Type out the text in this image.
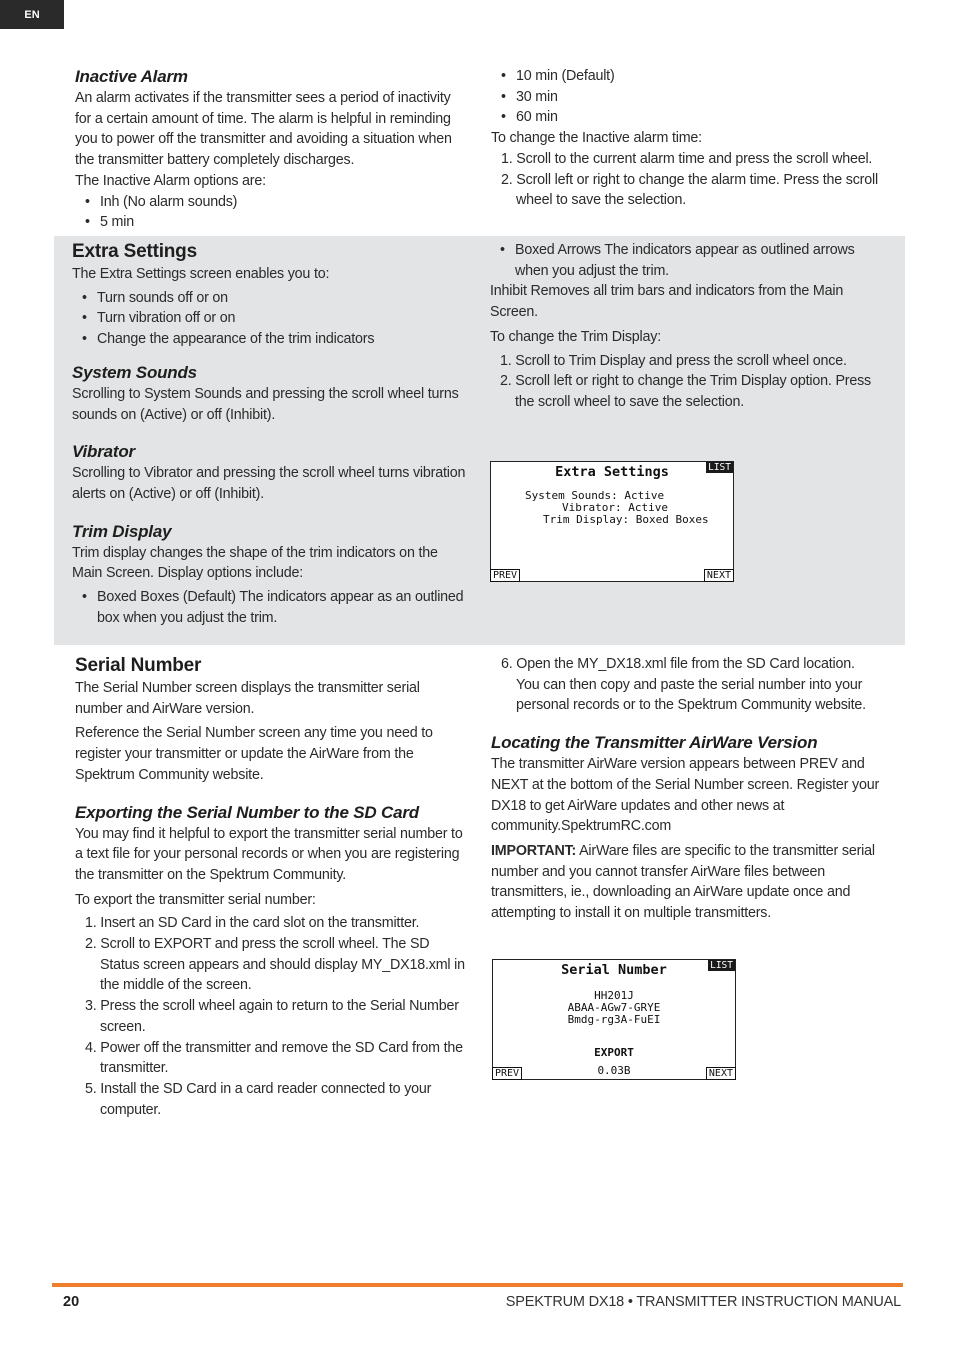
EN
Inactive Alarm

An alarm activates if the transmitter sees a period of inactivity for a certain amount of time. The alarm is helpful in reminding you to power off the transmitter and avoiding a situation when the transmitter battery completely discharges.

The Inactive Alarm options are:

• Inh (No alarm sounds)
• 5 min
• 10 min (Default)
• 30 min
• 60 min

To change the Inactive alarm time:

1. Scroll to the current alarm time and press the scroll wheel.
2. Scroll left or right to change the alarm time. Press the scroll wheel to save the selection.
Extra Settings

The Extra Settings screen enables you to:

• Turn sounds off or on
• Turn vibration off or on
• Change the appearance of the trim indicators
System Sounds

Scrolling to System Sounds and pressing the scroll wheel turns sounds on (Active) or off (Inhibit).

Vibrator

Scrolling to Vibrator and pressing the scroll wheel turns vibration alerts on (Active) or off (Inhibit).

Trim Display

Trim display changes the shape of the trim indicators on the Main Screen. Display options include:

• Boxed Boxes (Default) The indicators appear as an outlined box when you adjust the trim.
• Boxed Arrows The indicators appear as outlined arrows when you adjust the trim.

Inhibit Removes all trim bars and indicators from the Main Screen.

To change the Trim Display:

1. Scroll to Trim Display and press the scroll wheel once.
2. Scroll left or right to change the Trim Display option. Press the scroll wheel to save the selection.
Extra Settings	LIST
System Sounds: Active
Vibrator: Active
Trim Display: Boxed Boxes
PREV	NEXT
Serial Number

The Serial Number screen displays the transmitter serial number and AirWare version.

Reference the Serial Number screen any time you need to register your transmitter or update the AirWare from the Spektrum Community website.

Exporting the Serial Number to the SD Card

You may find it helpful to export the transmitter serial number to a text file for your personal records or when you are registering the transmitter on the Spektrum Community.

To export the transmitter serial number:

1. Insert an SD Card in the card slot on the transmitter.
2. Scroll to EXPORT and press the scroll wheel. The SD Status screen appears and should display MY_DX18.xml in the middle of the screen.
3. Press the scroll wheel again to return to the Serial Number screen.
4. Power off the transmitter and remove the SD Card from the transmitter.
5. Install the SD Card in a card reader connected to your computer.
6. Open the MY_DX18.xml file from the SD Card location. You can then copy and paste the serial number into your personal records or to the Spektrum Community website.
Locating the Transmitter AirWare Version

The transmitter AirWare version appears between PREV and NEXT at the bottom of the Serial Number screen. Register your DX18 to get AirWare updates and other news at community.SpektrumRC.com

IMPORTANT: AirWare files are specific to the transmitter serial number and you cannot transfer AirWare files between transmitters, ie., downloading an AirWare update once and attempting to install it on multiple transmitters.

Serial Number	LIST
HH201J
ABAA-AGw7-GRYE
Bmdg-rg3A-FuEI
EXPORT
0.03B
PREV	NEXT
20	SPEKTRUM DX18 • TRANSMITTER INSTRUCTION MANUAL
